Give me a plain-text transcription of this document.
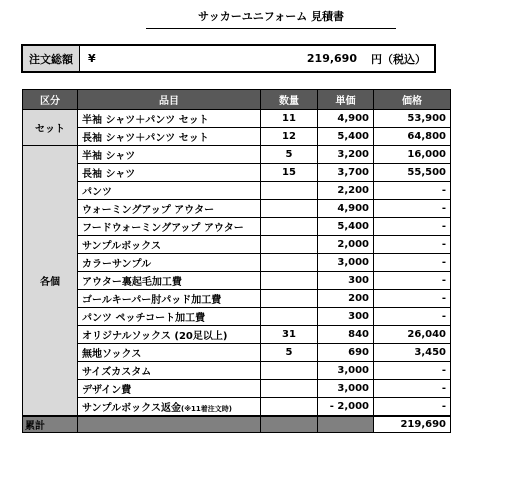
サッカーユニフォーム 見積書
注文総額	¥	219,690 円（税込）
区分	品目	数量	単価	価格
セット	半袖 シャツ＋パンツ セット	11	4,900	53,900
	長袖 シャツ＋パンツ セット	12	5,400	64,800
各個	半袖 シャツ	5	3,200	16,000
	長袖 シャツ	15	3,700	55,500
	パンツ		2,200	-
	ウォーミングアップ アウター		4,900	-
	フードウォーミングアップ アウター		5,400	-
	サンプルボックス		2,000	-
	カラーサンプル		3,000	-
	アウター裏起毛加工費		300	-
	ゴールキーパー肘パッド加工費		200	-
	パンツ ペッチコート加工費		300	-
	オリジナルソックス (20足以上)	31	840	26,040
	無地ソックス	5	690	3,450
	サイズカスタム		3,000	-
	デザイン費		3,000	-
	サンプルボックス返金(※11着注文時)		- 2,000	-
累計				219,690
